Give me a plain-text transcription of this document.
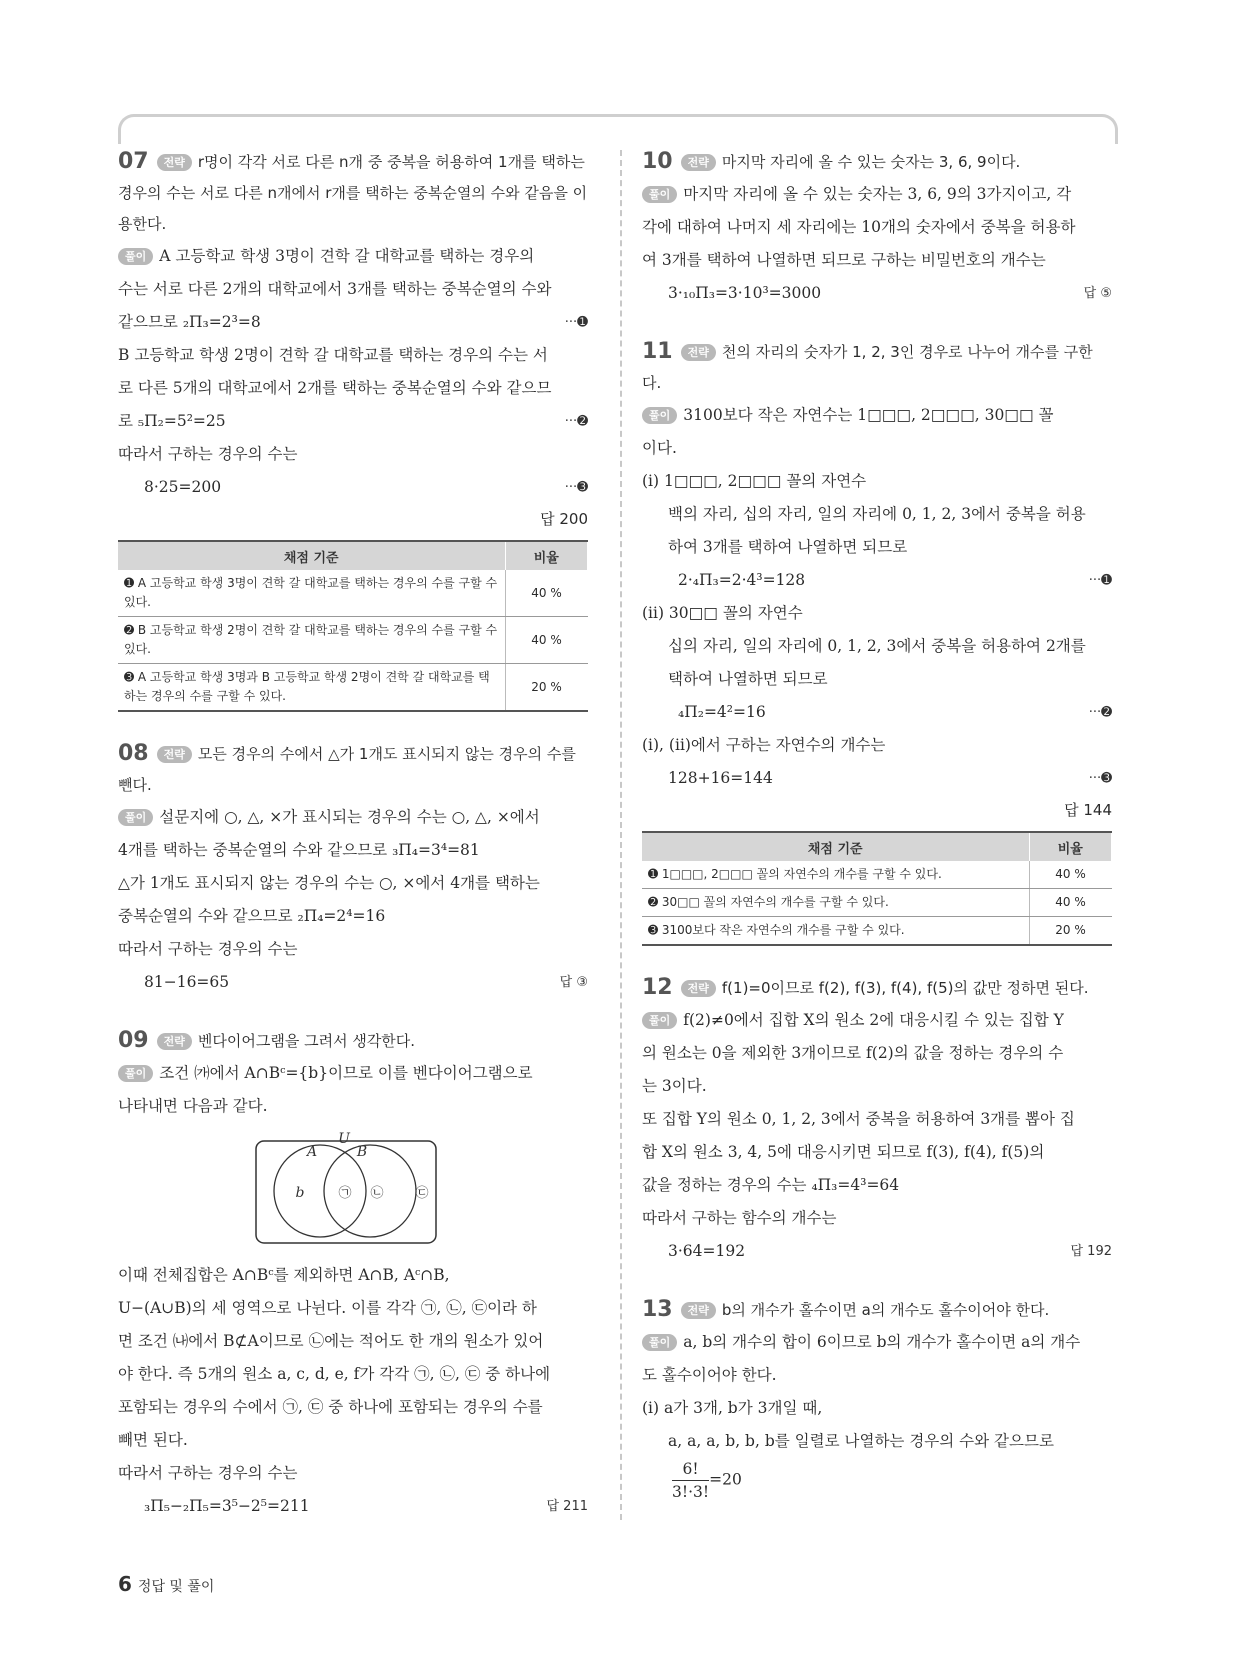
07 전략 r명이 각각 서로 다른 n개 중 중복을 허용하여 1개를 택하는
경우의 수는 서로 다른 n개에서 r개를 택하는 중복순열의 수와 같음을 이
용한다.
풀이 A 고등학교 학생 3명이 견학 갈 대학교를 택하는 경우의
수는 서로 다른 2개의 대학교에서 3개를 택하는 중복순열의 수와
같으므로 ₂Π₃=2³=8	···➊
B 고등학교 학생 2명이 견학 갈 대학교를 택하는 경우의 수는 서
로 다른 5개의 대학교에서 2개를 택하는 중복순열의 수와 같으므
로 ₅Π₂=5²=25	···➋
따라서 구하는 경우의 수는
8·25=200	···➌
답 200
채점 기준	비율
➊ A 고등학교 학생 3명이 견학 갈 대학교를 택하는 경우의 수를 구할 수 있다.	40 %
➋ B 고등학교 학생 2명이 견학 갈 대학교를 택하는 경우의 수를 구할 수 있다.	40 %
➌ A 고등학교 학생 3명과 B 고등학교 학생 2명이 견학 갈 대학교를 택하는 경우의 수를 구할 수 있다.	20 %
08 전략 모든 경우의 수에서 △가 1개도 표시되지 않는 경우의 수를 뺀다.
풀이 설문지에 ○, △, ×가 표시되는 경우의 수는 ○, △, ×에서
4개를 택하는 중복순열의 수와 같으므로 ₃Π₄=3⁴=81
△가 1개도 표시되지 않는 경우의 수는 ○, ×에서 4개를 택하는
중복순열의 수와 같으므로 ₂Π₄=2⁴=16
따라서 구하는 경우의 수는
81−16=65	답 ③
09 전략 벤다이어그램을 그려서 생각한다.
풀이 조건 ㈎에서 A∩Bᶜ={b}이므로 이를 벤다이어그램으로
나타내면 다음과 같다.
U
A	B
b	㉠ ㉡ ㉢
이때 전체집합은 A∩Bᶜ를 제외하면 A∩B, Aᶜ∩B,
U−(A∪B)의 세 영역으로 나뉜다. 이를 각각 ㉠, ㉡, ㉢이라 하
면 조건 ㈏에서 B⊄A이므로 ㉡에는 적어도 한 개의 원소가 있어
야 한다. 즉 5개의 원소 a, c, d, e, f가 각각 ㉠, ㉡, ㉢ 중 하나에
포함되는 경우의 수에서 ㉠, ㉢ 중 하나에 포함되는 경우의 수를
빼면 된다.
따라서 구하는 경우의 수는
₃Π₅−₂Π₅=3⁵−2⁵=211	답 211
10 전략 마지막 자리에 올 수 있는 숫자는 3, 6, 9이다.
풀이 마지막 자리에 올 수 있는 숫자는 3, 6, 9의 3가지이고, 각
각에 대하여 나머지 세 자리에는 10개의 숫자에서 중복을 허용하
여 3개를 택하여 나열하면 되므로 구하는 비밀번호의 개수는
3·₁₀Π₃=3·10³=3000	답 ⑤
11 전략 천의 자리의 숫자가 1, 2, 3인 경우로 나누어 개수를 구한다.
풀이 3100보다 작은 자연수는 1□□□, 2□□□, 30□□ 꼴
이다.
(ⅰ) 1□□□, 2□□□ 꼴의 자연수
백의 자리, 십의 자리, 일의 자리에 0, 1, 2, 3에서 중복을 허용
하여 3개를 택하여 나열하면 되므로
2·₄Π₃=2·4³=128	···➊
(ⅱ) 30□□ 꼴의 자연수
십의 자리, 일의 자리에 0, 1, 2, 3에서 중복을 허용하여 2개를
택하여 나열하면 되므로
₄Π₂=4²=16	···➋
(ⅰ), (ⅱ)에서 구하는 자연수의 개수는
128+16=144	···➌
답 144
채점 기준	비율
➊ 1□□□, 2□□□ 꼴의 자연수의 개수를 구할 수 있다.	40 %
➋ 30□□ 꼴의 자연수의 개수를 구할 수 있다.	40 %
➌ 3100보다 작은 자연수의 개수를 구할 수 있다.	20 %
12 전략 f(1)=0이므로 f(2), f(3), f(4), f(5)의 값만 정하면 된다.
풀이 f(2)≠0에서 집합 X의 원소 2에 대응시킬 수 있는 집합 Y
의 원소는 0을 제외한 3개이므로 f(2)의 값을 정하는 경우의 수
는 3이다.
또 집합 Y의 원소 0, 1, 2, 3에서 중복을 허용하여 3개를 뽑아 집
합 X의 원소 3, 4, 5에 대응시키면 되므로 f(3), f(4), f(5)의
값을 정하는 경우의 수는 ₄Π₃=4³=64
따라서 구하는 함수의 개수는
3·64=192	답 192
13 전략 b의 개수가 홀수이면 a의 개수도 홀수이어야 한다.
풀이 a, b의 개수의 합이 6이므로 b의 개수가 홀수이면 a의 개수
도 홀수이어야 한다.
(ⅰ) a가 3개, b가 3개일 때,
a, a, a, b, b, b를 일렬로 나열하는 경우의 수와 같으므로
$\frac{6!}{3!\cdot 3!} =20$
6 정답 및 풀이
